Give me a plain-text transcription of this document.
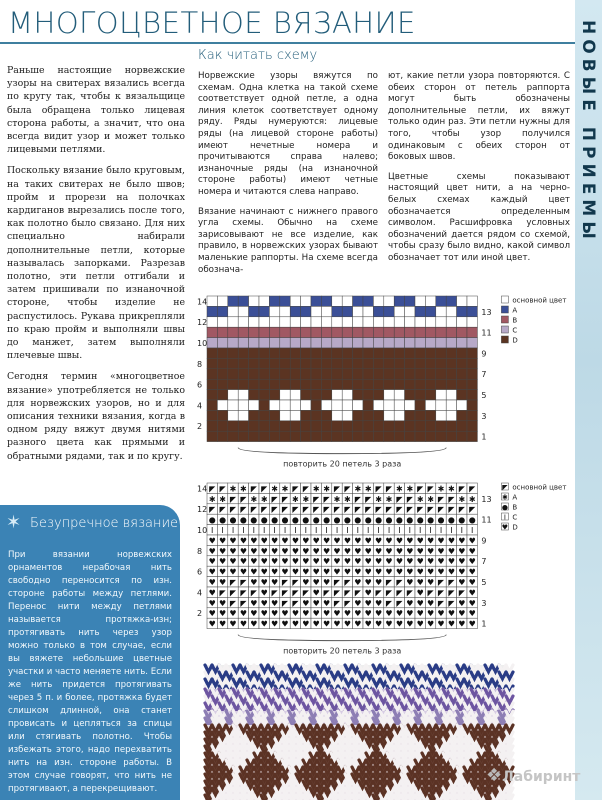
МНОГОЦВЕТНОЕ ВЯЗАНИЕ	НОВЫЕ ПРИЕМЫ

Раньше настоящие норвежские узоры на свитерах вязались всегда по кругу так, чтобы к вязальщице была обращена только лицевая сторона работы, а значит, что она всегда видит узор и может только лицевыми петлями.

Поскольку вязание было круговым, на таких свитерах не было швов; пройм и прорези на полочках кардиганов вырезались после того, как полотно было связано. Для них специально набирали дополнительные петли, которые называлась запорками. Разрезав полотно, эти петли отгибали и затем пришивали по изнаночной стороне, чтобы изделие не распустилось. Рукава прикрепляли по краю пройм и выполняли швы до манжет, затем выполняли плечевые швы.

Сегодня термин «многоцветное вязание» употребляется не только для норвежских узоров, но и для описания техники вязания, когда в одном ряду вяжут двумя нитями разного цвета как прямыми и обратными рядами, так и по кругу.

Как читать схему

Норвежские узоры вяжутся по схемам. Одна клетка на такой схеме соответствует одной петле, а одна линия клеток соответствует одному ряду. Ряды нумеруются: лицевые ряды (на лицевой стороне работы) имеют нечетные номера и прочитываются справа налево; изнаночные ряды (на изнаночной стороне работы) имеют четные номера и читаются слева направо.

Вязание начинают с нижнего правого угла схемы. Обычно на схеме зарисовывают не все изделие, как правило, в норвежских узорах бывают маленькие раппорты. На схеме всегда обознача-

ют, какие петли узора повторяются. С обеих сторон от петель раппорта могут быть обозначены дополнительные петли, их вяжут только один раз. Эти петли нужны для того, чтобы узор получился одинаковым с обеих сторон от боковых швов.

Цветные схемы показывают настоящий цвет нити, а на черно-белых схемах каждый цвет обозначается определенным символом. Расшифровка условных обозначений дается рядом со схемой, чтобы сразу было видно, какой символ обозначает тот или иной цвет.

14
12
10
8
6
4
2
13
11
9
7
5
3
1
повторить 20 петель 3 раза
основной цвет
A
B
C
D
◤ ◤ ✱ ✱ ◤ ◤ ✱ ✱ ◤ ◤ ✱ ✱ ◤ ◤ ✱ ✱ ◤ ◤ ✱ ✱ ◤ ◤ ✱ ✱ ◤ ◤
✱ ✱ ◤ ◤ ✱ ✱ ◤ ◤ ✱ ✱ ◤ ◤ ✱ ✱ ◤ ◤ ✱ ✱ ◤ ◤ ✱ ✱ ◤ ◤ ✱ ✱
◤ ◤ ◤ ◤ ◤ ◤ ◤ ◤ ◤ ◤ ◤ ◤ ◤ ◤ ◤ ◤ ◤ ◤ ◤ ◤ ◤ ◤ ◤ ◤ ◤ ◤
● ● ● ● ● ● ● ● ● ● ● ● ● ● ● ● ● ● ● ● ● ● ● ● ● ●
Ι Ι Ι Ι Ι Ι Ι Ι Ι Ι Ι Ι Ι Ι Ι Ι Ι Ι Ι Ι Ι Ι Ι Ι Ι Ι
♥ ♥ ♥ ♥ ♥ ♥ ♥ ♥ ♥ ♥ ♥ ♥ ♥ ♥ ♥ ♥ ♥ ♥ ♥ ♥ ♥ ♥ ♥ ♥ ♥ ♥
♥ ♥ ♥ ♥ ♥ ♥ ♥ ♥ ♥ ♥ ♥ ♥ ♥ ♥ ♥ ♥ ♥ ♥ ♥ ♥ ♥ ♥ ♥ ♥ ♥ ♥
♥ ♥ ♥ ♥ ♥ ♥ ♥ ♥ ♥ ♥ ♥ ♥ ♥ ♥ ♥ ♥ ♥ ♥ ♥ ♥ ♥ ♥ ♥ ♥ ♥ ♥
♥ ♥ ♥ ♥ ♥ ♥ ♥ ♥ ♥ ♥ ♥ ♥ ♥ ♥ ♥ ♥ ♥ ♥ ♥ ♥ ♥ ♥ ♥ ♥ ♥ ♥
♥ ♥ ◤ ◤ ♥ ♥ ♥ ◤ ◤ ♥ ♥ ♥ ◤ ◤ ♥ ♥ ♥ ◤ ◤ ♥ ♥ ♥ ◤ ◤ ♥ ♥
♥ ◤ ◤ ◤ ◤ ♥ ◤ ◤ ◤ ◤ ♥ ◤ ◤ ◤ ◤ ♥ ◤ ◤ ◤ ◤ ♥ ◤ ◤ ◤ ◤ ♥
♥ ♥ ◤ ◤ ♥ ♥ ♥ ◤ ◤ ♥ ♥ ♥ ◤ ◤ ♥ ♥ ♥ ◤ ◤ ♥ ♥ ♥ ◤ ◤ ♥ ♥
♥ ♥ ♥ ♥ ♥ ♥ ♥ ♥ ♥ ♥ ♥ ♥ ♥ ♥ ♥ ♥ ♥ ♥ ♥ ♥ ♥ ♥ ♥ ♥ ♥ ♥
♥ ♥ ♥ ♥ ♥ ♥ ♥ ♥ ♥ ♥ ♥ ♥ ♥ ♥ ♥ ♥ ♥ ♥ ♥ ♥ ♥ ♥ ♥ ♥ ♥ ♥
14
12
10
8
6
4
2
13
11
9
7
5
3
1
повторить 20 петель 3 раза
◤ основной цвет
✱ A
● B
Ι C
♥ D
✶ Безупречное вязание
При вязании норвежских орнаментов нерабочая нить свободно переносится по изн. стороне работы между петлями. Перенос нити между петлями называется протяжка-изн; протягивать нить через узор можно только в том случае, если вы вяжете небольшие цветные участки и часто меняете нить. Если же нить придется протягивать через 5 п. и более, протяжка будет слишком длинной, она станет провисать и цепляться за спицы или стягивать полотно. Чтобы избежать этого, надо перехватить нить на изн. стороне работы. В этом случае говорят, что нить не протягивают, а перекрещивают.
❖Лабиринт
